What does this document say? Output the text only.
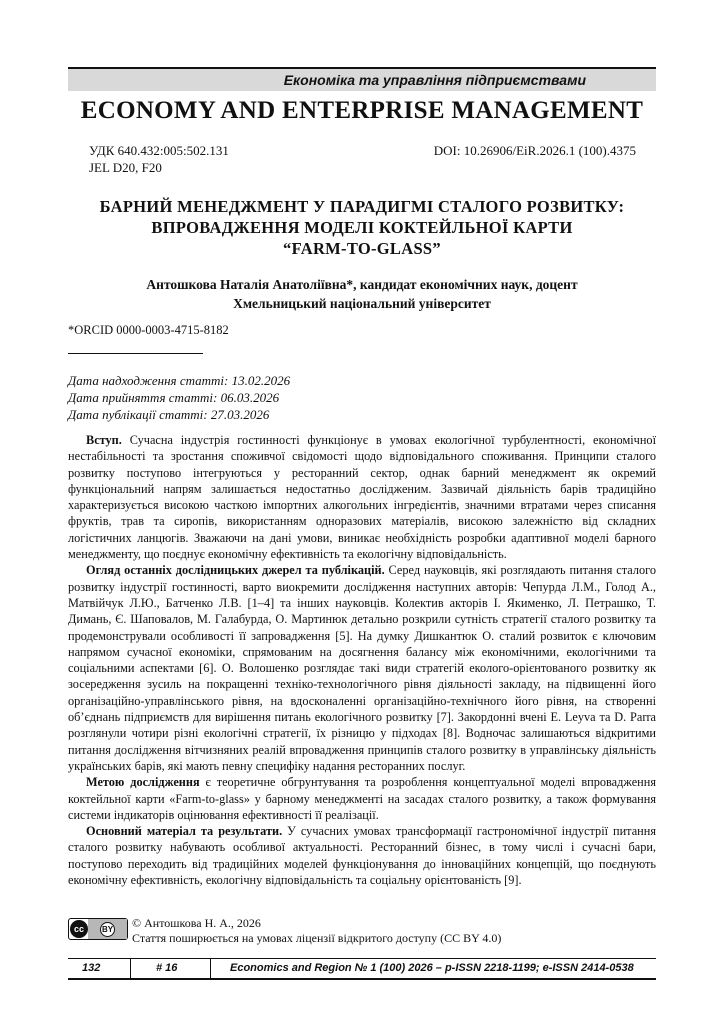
Економіка та управління підприємствами
ECONOMY AND ENTERPRISE MANAGEMENT
УДК 640.432:005:502.131
JEL D20, F20
DOI: 10.26906/EiR.2026.1 (100).4375
БАРНИЙ МЕНЕДЖМЕНТ У ПАРАДИГМІ СТАЛОГО РОЗВИТКУ:
ВПРОВАДЖЕННЯ МОДЕЛІ КОКТЕЙЛЬНОЇ КАРТИ
“FARM-TO-GLASS”
Антошкова Наталія Анатоліївна*, кандидат економічних наук, доцент
Хмельницький національний університет
*ORCID 0000-0003-4715-8182
Дата надходження статті: 13.02.2026
Дата прийняття статті: 06.03.2026
Дата публікації статті: 27.03.2026

Вступ. Сучасна індустрія гостинності функціонує в умовах екологічної турбулентності, економічної нестабільності та зростання споживчої свідомості щодо відповідального споживання. Принципи сталого розвитку поступово інтегруються у ресторанний сектор, однак барний менеджмент як окремий функціональний напрям залишається недостатньо дослідженим. Зазвичай діяльність барів традиційно характеризується високою часткою імпортних алкогольних інгредієнтів, значними втратами через списання фруктів, трав та сиропів, використанням одноразових матеріалів, високою залежністю від складних логістичних ланцюгів. Зважаючи на дані умови, виникає необхідність розробки адаптивної моделі барного менеджменту, що поєднує економічну ефективність та екологічну відповідальність.

Огляд останніх дослідницьких джерел та публікацій. Серед науковців, які розглядають питання сталого розвитку індустрії гостинності, варто виокремити дослідження наступних авторів: Чепурда Л.М., Голод А., Матвійчук Л.Ю., Батченко Л.В. [1–4] та інших науковців. Колектив акторів І. Якименко, Л. Петрашко, Т. Димань, Є. Шаповалов, М. Галабурда, О. Мартинюк детально розкрили сутність стратегії сталого розвитку та продемонстрували особливості її запровадження [5]. На думку Дишкантюк О. сталий розвиток є ключовим напрямом сучасної економіки, спрямованим на досягнення балансу між економічними, екологічними та соціальними аспектами [6]. О. Волошенко розглядає такі види стратегій еколого-орієнтованого розвитку як зосередження зусиль на покращенні техніко-технологічного рівня діяльності закладу, на підвищенні його організаційно-управлінського рівня, на вдосконаленні організаційно-технічного його рівня, на створенні об’єднань підприємств для вирішення питань екологічного розвитку [7]. Закордонні вчені E. Leyva та D. Parra розглянули чотири різні екологічні стратегії, їх різницю у підходах [8]. Водночас залишаються відкритими питання дослідження вітчизняних реалій впровадження принципів сталого розвитку в управлінську діяльність українських барів, які мають певну специфіку надання ресторанних послуг.

Метою дослідження є теоретичне обгрунтування та розроблення концептуальної моделі впровадження коктейльної карти «Farm-to-glass» у барному менеджменті на засадах сталого розвитку, а також формування системи індикаторів оцінювання ефективності її реалізації.

Основний матеріал та результати. У сучасних умовах трансформації гастрономічної індустрії питання сталого розвитку набувають особливої актуальності. Ресторанний бізнес, в тому числі і сучасні бари, поступово переходить від традиційних моделей функціонування до інноваційних концепцій, що поєднують економічну ефективність, екологічну відповідальність та соціальну орієнтованість [9].

cc	BY © Антошкова Н. А., 2026
Стаття поширюється на умовах ліцензії відкритого доступу (CC BY 4.0)
132	# 16	Economics and Region № 1 (100) 2026 – p-ISSN 2218-1199; e-ISSN 2414-0538
